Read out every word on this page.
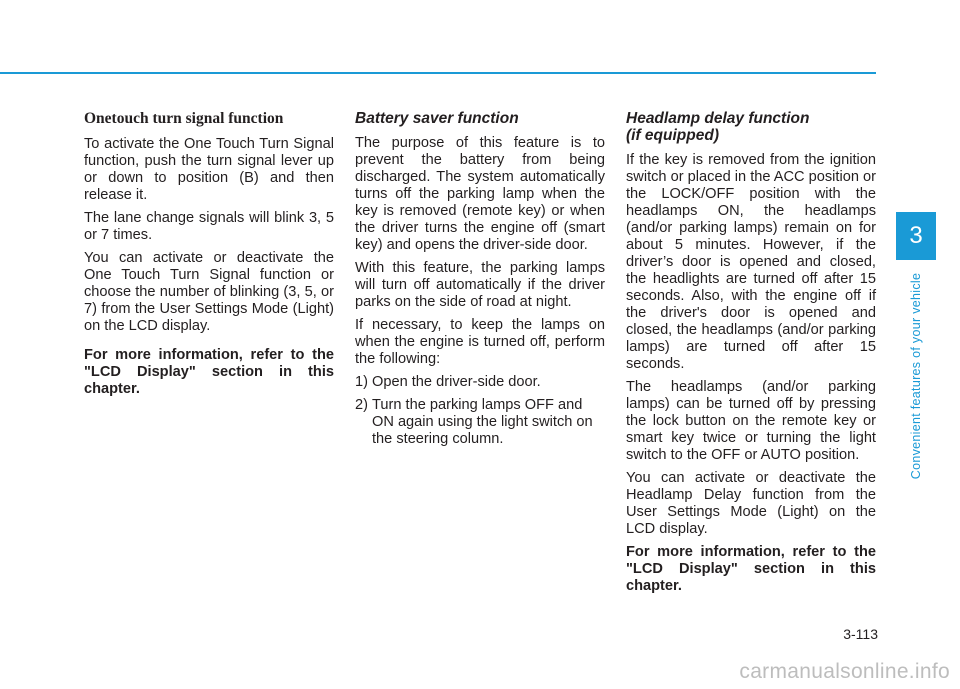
Onetouch turn signal function

To activate the One Touch Turn Signal function, push the turn signal lever up or down to position (B) and then release it.

The lane change signals will blink 3, 5 or 7 times.

You can activate or deactivate the One Touch Turn Signal function or choose the number of blinking (3, 5, or 7) from the User Settings Mode (Light) on the LCD display.

For more information, refer to the "LCD Display" section in this chapter.

Battery saver function

The purpose of this feature is to prevent the battery from being discharged. The system automatically turns off the parking lamp when the key is removed (remote key) or when the driver turns the engine off (smart key) and opens the driver-side door.

With this feature, the parking lamps will turn off automatically if the driver parks on the side of road at night.

If necessary, to keep the lamps on when the engine is turned off, perform the following:

1) Open the driver-side door.

2) Turn the parking lamps OFF and ON again using the light switch on the steering column.

Headlamp delay function
(if equipped)

If the key is removed from the ignition switch or placed in the ACC position or the LOCK/OFF position with the headlamps ON, the headlamps (and/or parking lamps) remain on for about 5 minutes. However, if the driver’s door is opened and closed, the headlights are turned off after 15 seconds. Also, with the engine off if the driver's door is opened and closed, the headlamps (and/or parking lamps) are turned off after 15 seconds.

The headlamps (and/or parking lamps) can be turned off by pressing the lock button on the remote key or smart key twice or turning the light switch to the OFF or AUTO position.

You can activate or deactivate the Headlamp Delay function from the User Settings Mode (Light) on the LCD display.

For more information, refer to the "LCD Display" section in this chapter.

3
Convenient features of your vehicle
3-113
carmanualsonline.info
